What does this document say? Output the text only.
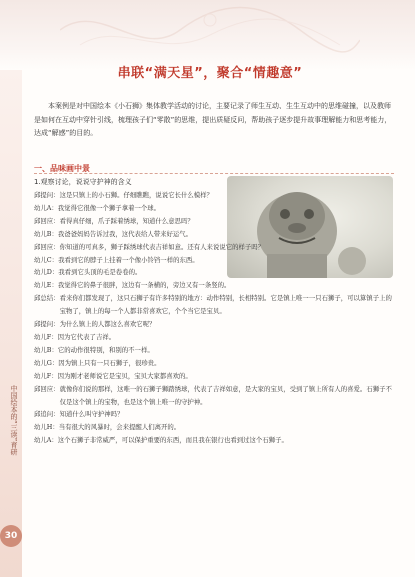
中国绘本的“三读”育研
30
串联“满天星”，聚合“情趣意”
本案例是对中国绘本《小石狮》集体教学活动的讨论，主要记录了师生互动、生生互动中的思维碰撞，以及教师是如何在互动中穿针引线，梳理孩子们“零散”的思维，提出质疑反问，帮助孩子逐步提升故事理解能力和思考能力，达成“解感”的目的。
一、品味画中景
1.观察讨论，说说守护神的含义
邱提问： 这是只镇上的小石狮。仔细瞧瞧，说说它长什么模样？
幼儿A： 我觉得它很像一个狮子拿着一个球。
邱回应： 看得真仔细，爪子踩着绣球，知道什么意思吗？
幼儿B： 我爸爸妈妈告诉过我，这代表给人带来好运气。
邱回应： 你知道的可真多，狮子踩绣球代表吉祥如意。还有人来说说它的样子吗？
幼儿C： 我看到它的脖子上挂着一个像小铃铛一样的东西。
幼儿D： 我看到它头顶的毛是卷卷的。
幼儿E： 我觉得它的鼻子很胖，这边有一条横的，旁边又有一条竖的。
邱总结： 看来你们都发现了，这只石狮子有许多特别的地方：动作特别，长相特别。它是镇上唯一一只石狮子，可以算镇子上的宝物了，镇上的每一个人都非常喜欢它，个个当它是宝贝。
邱提问： 为什么镇上的人都这么喜欢它呢？
幼儿F： 因为它代表了吉祥。
幼儿B： 它的动作很特别，和别的不一样。
幼儿G： 因为镇上只有一只石狮子，很珍贵。
幼儿F： 因为刚才老师说它是宝贝，宝贝大家都喜欢的。
邱回应： 就像你们说的那样，这唯一的石狮子狮踏绣球，代表了吉祥如意，是大家的宝贝，受到了镇上所有人的喜爱。石狮子不仅是这个镇上的宝物，也是这个镇上唯一的守护神。
邱追问： 知道什么叫守护神吗？
幼儿H： 当有很大的风暴时，会来提醒人们离开的。
幼儿A： 这个石狮子非常威严，可以保护重要的东西，而且我在银行也看到过这个石狮子。
